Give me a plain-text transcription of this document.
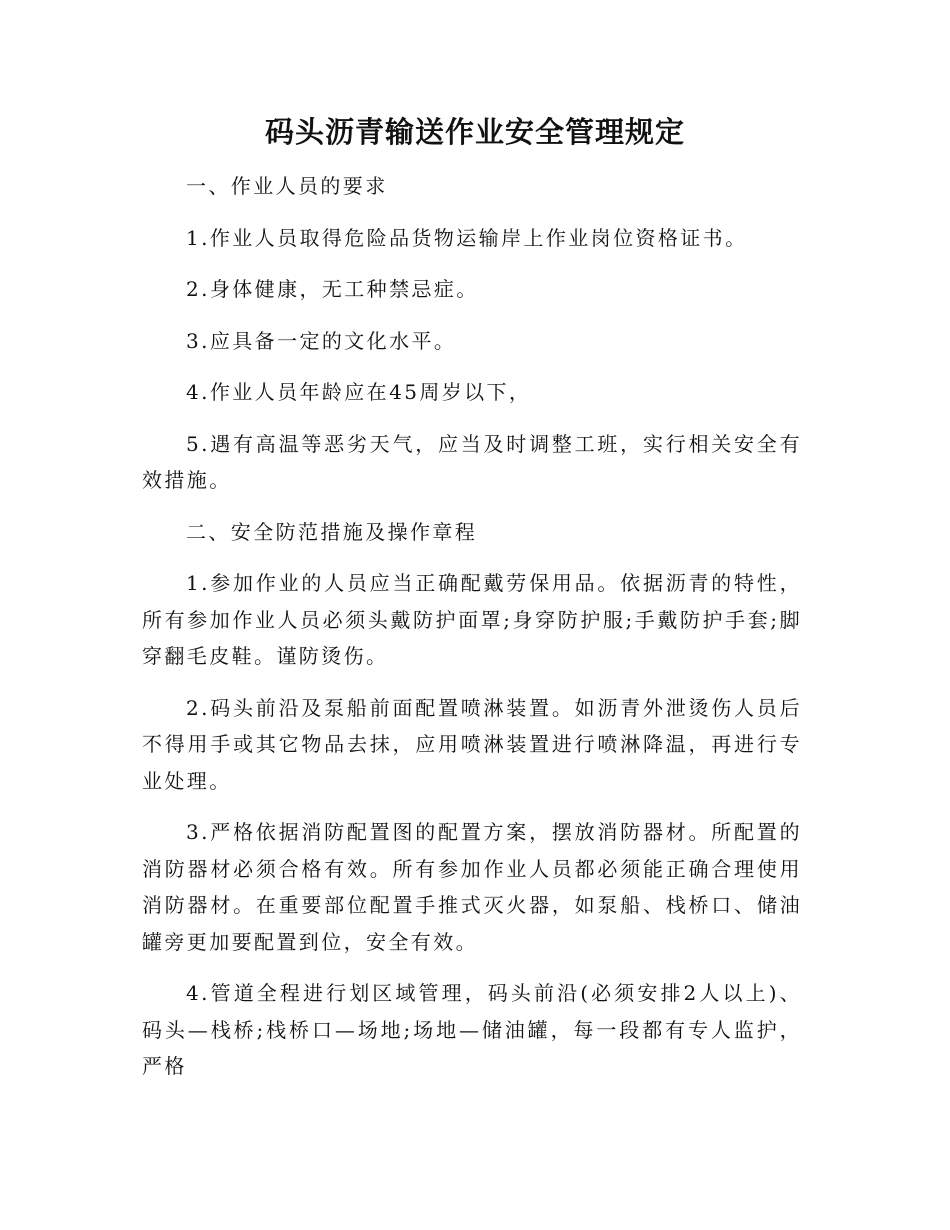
码头沥青输送作业安全管理规定

一、作业人员的要求

1.作业人员取得危险品货物运输岸上作业岗位资格证书。

2.身体健康，无工种禁忌症。

3.应具备一定的文化水平。

4.作业人员年龄应在45周岁以下，

5.遇有高温等恶劣天气，应当及时调整工班，实行相关安全有效措施。

二、安全防范措施及操作章程

1.参加作业的人员应当正确配戴劳保用品。依据沥青的特性，所有参加作业人员必须头戴防护面罩;身穿防护服;手戴防护手套;脚穿翻毛皮鞋。谨防烫伤。

2.码头前沿及泵船前面配置喷淋装置。如沥青外泄烫伤人员后不得用手或其它物品去抹，应用喷淋装置进行喷淋降温，再进行专业处理。

3.严格依据消防配置图的配置方案，摆放消防器材。所配置的消防器材必须合格有效。所有参加作业人员都必须能正确合理使用消防器材。在重要部位配置手推式灭火器，如泵船、栈桥口、储油罐旁更加要配置到位，安全有效。

4.管道全程进行划区域管理，码头前沿(必须安排2人以上)、码头—栈桥;栈桥口—场地;场地—储油罐，每一段都有专人监护，严格
